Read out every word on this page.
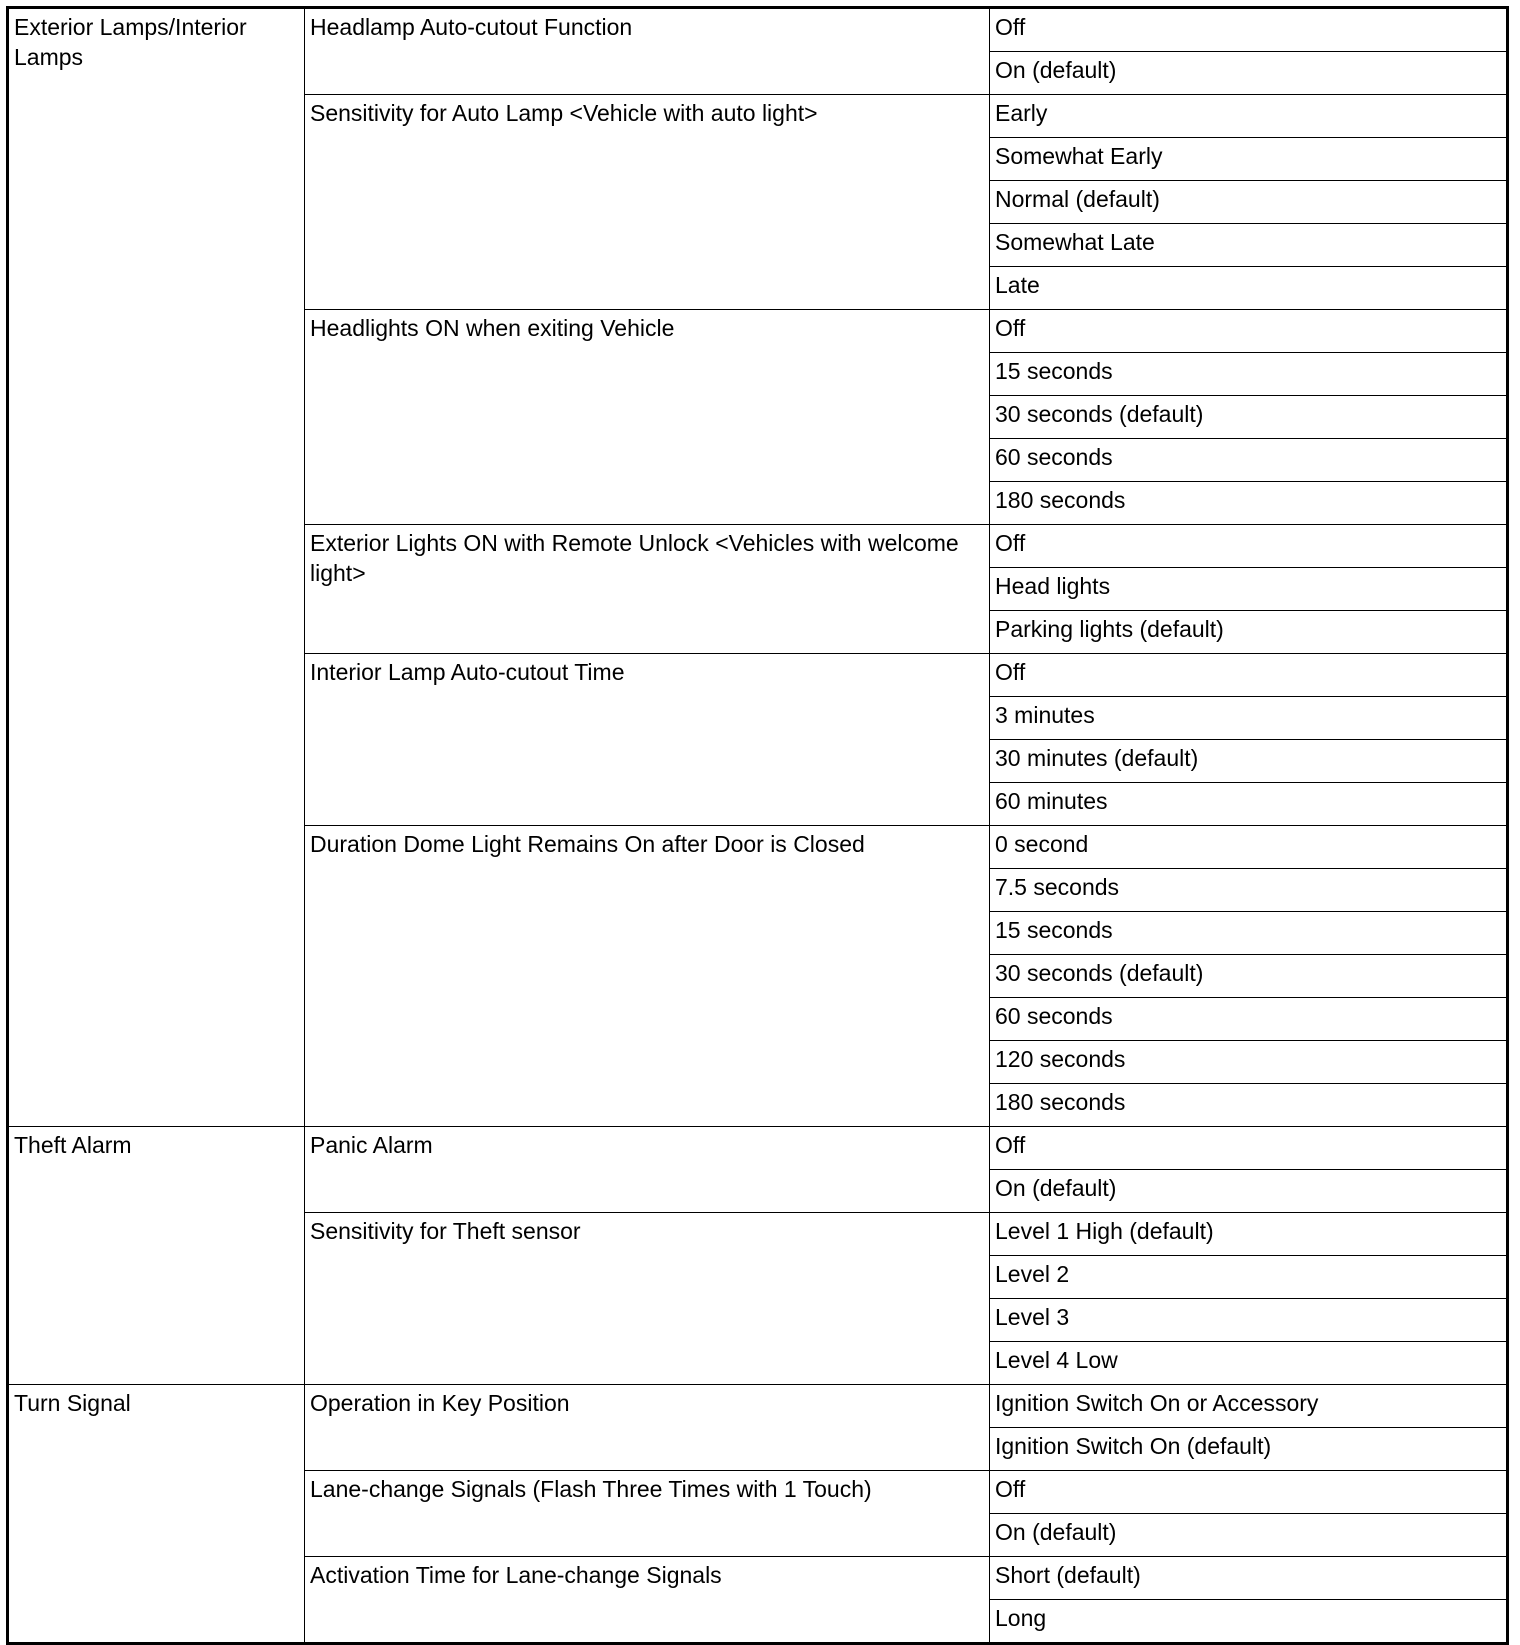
Exterior Lamps/Interior Lamps	Headlamp Auto-cutout Function	Off
		On (default)
	Sensitivity for Auto Lamp <Vehicle with auto light>	Early
		Somewhat Early
		Normal (default)
		Somewhat Late
		Late
	Headlights ON when exiting Vehicle	Off
		15 seconds
		30 seconds (default)
		60 seconds
		180 seconds
	Exterior Lights ON with Remote Unlock <Vehicles with welcome light>	Off
		Head lights
		Parking lights (default)
	Interior Lamp Auto-cutout Time	Off
		3 minutes
		30 minutes (default)
		60 minutes
	Duration Dome Light Remains On after Door is Closed	0 second
		7.5 seconds
		15 seconds
		30 seconds (default)
		60 seconds
		120 seconds
		180 seconds
Theft Alarm	Panic Alarm	Off
		On (default)
	Sensitivity for Theft sensor	Level 1 High (default)
		Level 2
		Level 3
		Level 4 Low
Turn Signal	Operation in Key Position	Ignition Switch On or Accessory
		Ignition Switch On (default)
	Lane-change Signals (Flash Three Times with 1 Touch)	Off
		On (default)
	Activation Time for Lane-change Signals	Short (default)
		Long
